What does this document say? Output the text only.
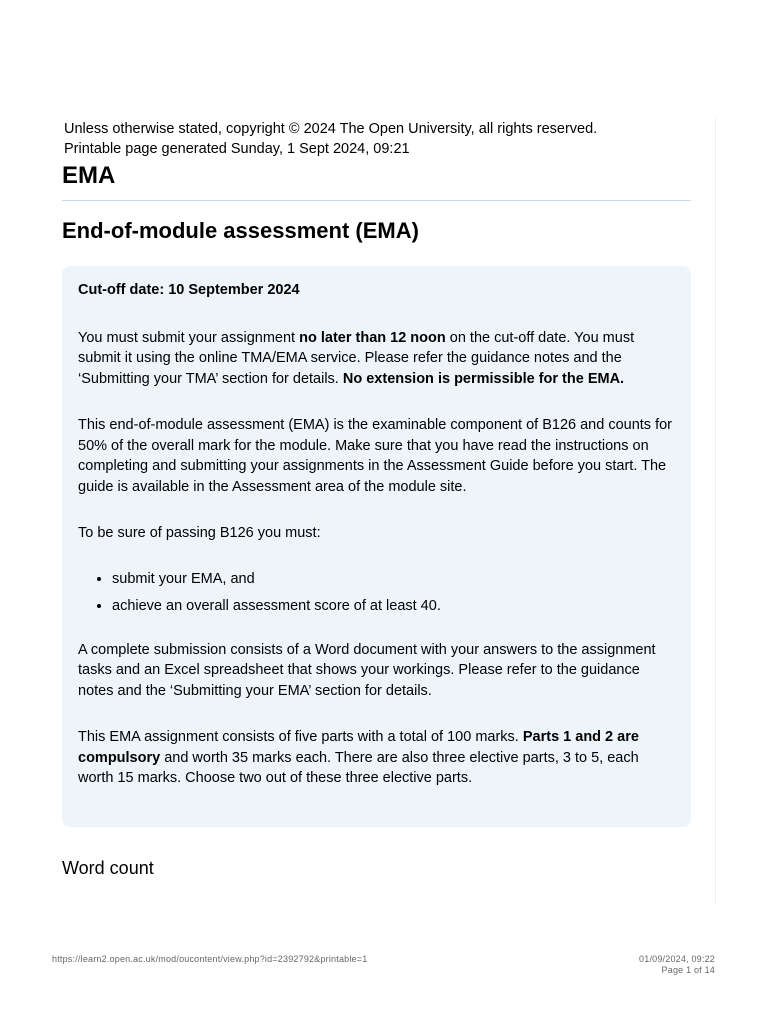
Unless otherwise stated, copyright © 2024 The Open University, all rights reserved.
Printable page generated Sunday, 1 Sept 2024, 09:21
EMA
End-of-module assessment (EMA)

Cut-off date: 10 September 2024

You must submit your assignment no later than 12 noon on the cut-off date. You must submit it using the online TMA/EMA service. Please refer the guidance notes and the ‘Submitting your TMA’ section for details. No extension is permissible for the EMA.

This end-of-module assessment (EMA) is the examinable component of B126 and counts for 50% of the overall mark for the module. Make sure that you have read the instructions on completing and submitting your assignments in the Assessment Guide before you start. The guide is available in the Assessment area of the module site.

To be sure of passing B126 you must:

• submit your EMA, and
• achieve an overall assessment score of at least 40.

A complete submission consists of a Word document with your answers to the assignment tasks and an Excel spreadsheet that shows your workings. Please refer to the guidance notes and the ‘Submitting your EMA’ section for details.

This EMA assignment consists of five parts with a total of 100 marks. Parts 1 and 2 are compulsory and worth 35 marks each. There are also three elective parts, 3 to 5, each worth 15 marks. Choose two out of these three elective parts.

Word count
https://learn2.open.ac.uk/mod/oucontent/view.php?id=2392792&printable=1	01/09/2024, 09:22
Page 1 of 14
